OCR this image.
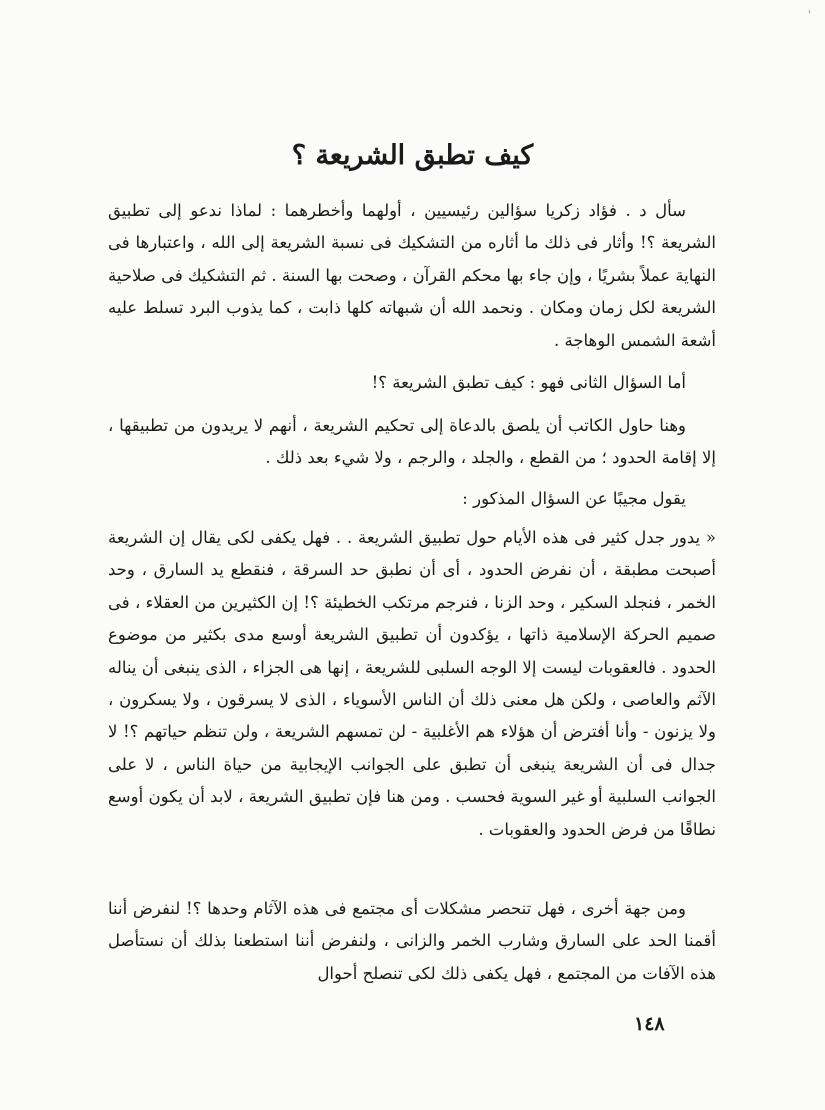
'
كيف تطبق الشريعة ؟

سأل د . فؤاد زكريا سؤالين رئيسيين ، أولهما وأخطرهما : لماذا ندعو إلى تطبيق الشريعة ؟! وأثار فى ذلك ما أثاره من التشكيك فى نسبة الشريعة إلى الله ، واعتبارها فى النهاية عملاً بشريًا ، وإن جاء بها محكم القرآن ، وصحت بها السنة . ثم التشكيك فى صلاحية الشريعة لكل زمان ومكان . ونحمد الله أن شبهاته كلها ذابت ، كما يذوب البرد تسلط عليه أشعة الشمس الوهاجة .

أما السؤال الثانى فهو : كيف تطبق الشريعة ؟!

وهنا حاول الكاتب أن يلصق بالدعاة إلى تحكيم الشريعة ، أنهم لا يريدون من تطبيقها ، إلا إقامة الحدود ؛ من القطع ، والجلد ، والرجم ، ولا شيء بعد ذلك .

يقول مجيبًا عن السؤال المذكور :

« يدور جدل كثير فى هذه الأيام حول تطبيق الشريعة . . فهل يكفى لكى يقال إن الشريعة أصبحت مطبقة ، أن نفرض الحدود ، أى أن نطبق حد السرقة ، فنقطع يد السارق ، وحد الخمر ، فنجلد السكير ، وحد الزنا ، فنرجم مرتكب الخطيئة ؟! إن الكثيرين من العقلاء ، فى صميم الحركة الإسلامية ذاتها ، يؤكدون أن تطبيق الشريعة أوسع مدى بكثير من موضوع الحدود . فالعقوبات ليست إلا الوجه السلبى للشريعة ، إنها هى الجزاء ، الذى ينبغى أن يناله الآثم والعاصى ، ولكن هل معنى ذلك أن الناس الأسوياء ، الذى لا يسرقون ، ولا يسكرون ، ولا يزنون - وأنا أفترض أن هؤلاء هم الأغلبية - لن تمسهم الشريعة ، ولن تنظم حياتهم ؟! لا جدال فى أن الشريعة ينبغى أن تطبق على الجوانب الإيجابية من حياة الناس ، لا على الجوانب السلبية أو غير السوية فحسب . ومن هنا فإن تطبيق الشريعة ، لابد أن يكون أوسع نطاقًا من فرض الحدود والعقوبات .

ومن جهة أخرى ، فهل تنحصر مشكلات أى مجتمع فى هذه الآثام وحدها ؟! لنفرض أننا أقمنا الحد على السارق وشارب الخمر والزانى ، ولنفرض أننا استطعنا بذلك أن نستأصل هذه الآفات من المجتمع ، فهل يكفى ذلك لكى تنصلح أحوال

١٤٨
